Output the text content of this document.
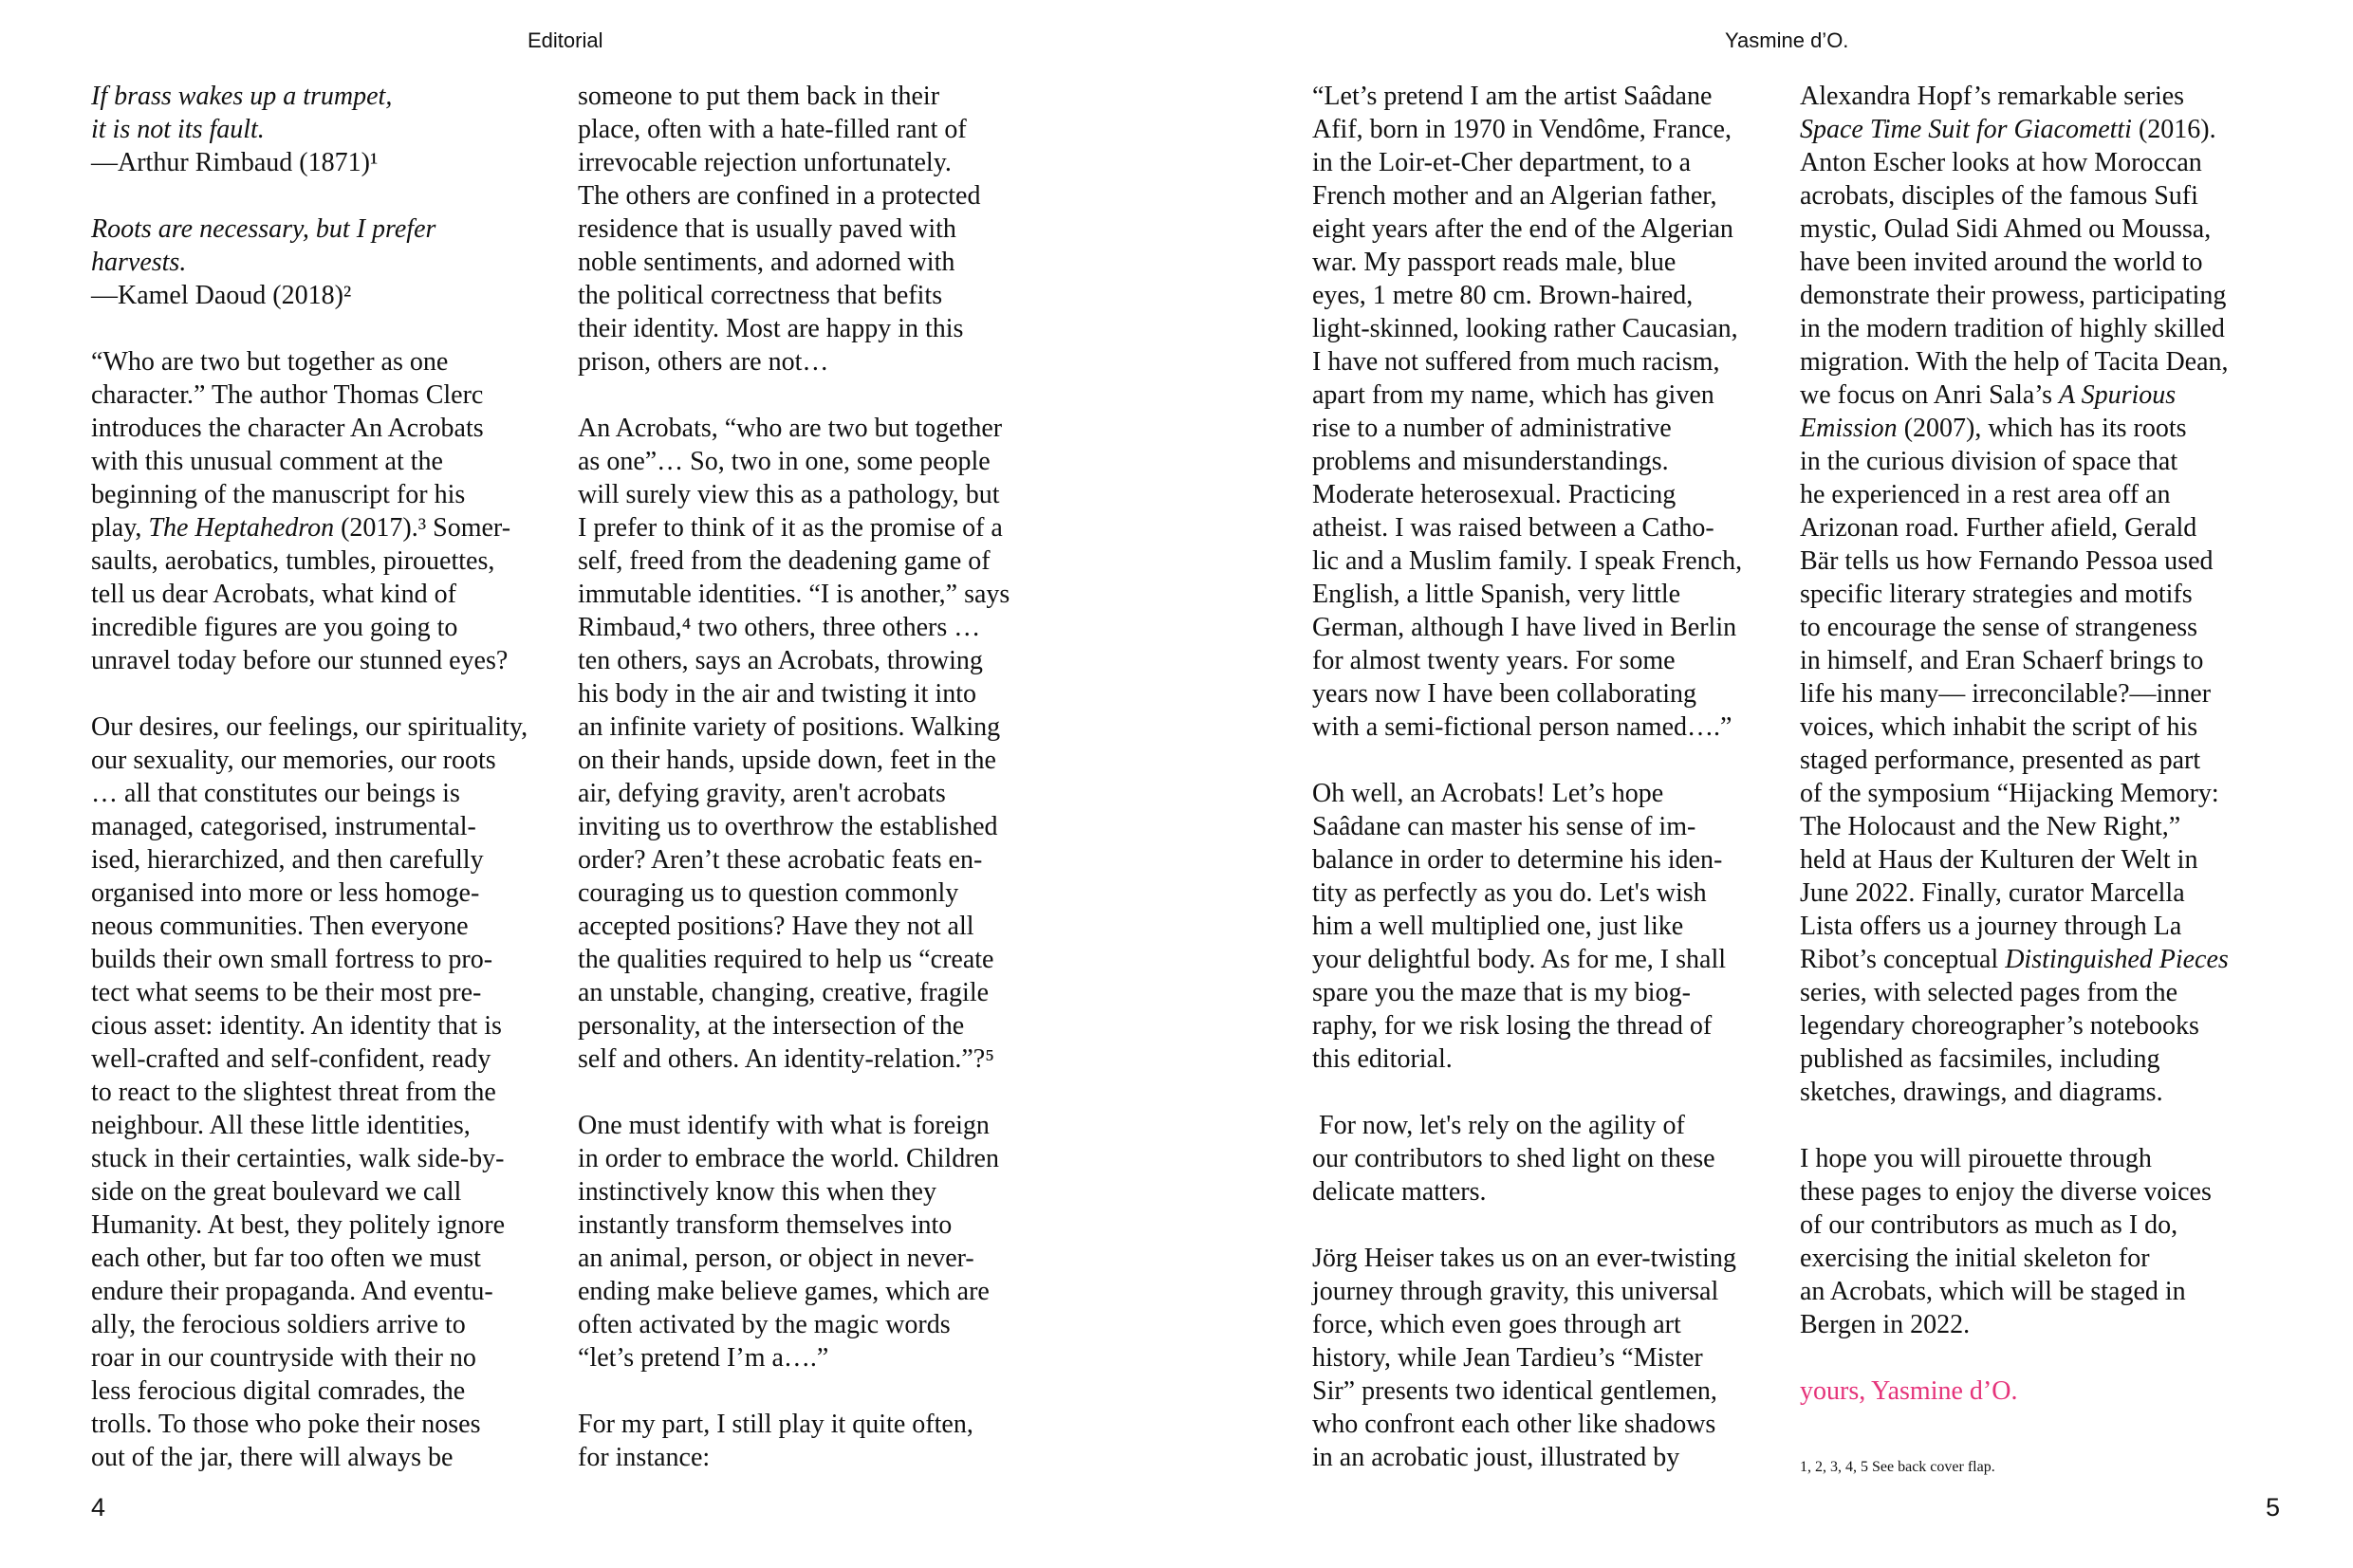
Editorial	Yasmine d’O.

If brass wakes up a trumpet,
it is not its fault.
—Arthur Rimbaud (1871)¹

Roots are necessary, but I prefer
harvests.
—Kamel Daoud (2018)²

“Who are two but together as one
character.” The author Thomas Clerc
introduces the character An Acrobats
with this unusual comment at the
beginning of the manuscript for his
play, The Heptahedron (2017).³ Somer-
saults, aerobatics, tumbles, pirouettes,
tell us dear Acrobats, what kind of
incredible figures are you going to
unravel today before our stunned eyes?

Our desires, our feelings, our spirituality,
our sexuality, our memories, our roots
… all that constitutes our beings is
managed, categorised, instrumental-
ised, hierarchized, and then carefully
organised into more or less homoge-
neous communities. Then everyone
builds their own small fortress to pro-
tect what seems to be their most pre-
cious asset: identity. An identity that is
well-crafted and self-confident, ready
to react to the slightest threat from the
neighbour. All these little identities,
stuck in their certainties, walk side-by-
side on the great boulevard we call
Humanity. At best, they politely ignore
each other, but far too often we must
endure their propaganda. And eventu-
ally, the ferocious soldiers arrive to
roar in our countryside with their no
less ferocious digital comrades, the
trolls. To those who poke their noses
out of the jar, there will always be

someone to put them back in their
place, often with a hate-filled rant of
irrevocable rejection unfortunately.
The others are confined in a protected
residence that is usually paved with
noble sentiments, and adorned with
the political correctness that befits
their identity. Most are happy in this
prison, others are not…

An Acrobats, “who are two but together
as one”… So, two in one, some people
will surely view this as a pathology, but
I prefer to think of it as the promise of a
self, freed from the deadening game of
immutable identities. “I is another,” says
Rimbaud,⁴ two others, three others …
ten others, says an Acrobats, throwing
his body in the air and twisting it into
an infinite variety of positions. Walking
on their hands, upside down, feet in the
air, defying gravity, aren't acrobats
inviting us to overthrow the established
order? Aren’t these acrobatic feats en-
couraging us to question commonly
accepted positions? Have they not all
the qualities required to help us “create
an unstable, changing, creative, fragile
personality, at the intersection of the
self and others. An identity-relation.”?⁵

One must identify with what is foreign
in order to embrace the world. Children
instinctively know this when they
instantly transform themselves into
an animal, person, or object in never-
ending make believe games, which are
often activated by the magic words
“let’s pretend I’m a….”

For my part, I still play it quite often,
for instance:

“Let’s pretend I am the artist Saâdane
Afif, born in 1970 in Vendôme, France,
in the Loir-et-Cher department, to a
French mother and an Algerian father,
eight years after the end of the Algerian
war. My passport reads male, blue
eyes, 1 metre 80 cm. Brown-haired,
light-skinned, looking rather Caucasian,
I have not suffered from much racism,
apart from my name, which has given
rise to a number of administrative
problems and misunderstandings.
Moderate heterosexual. Practicing
atheist. I was raised between a Catho-
lic and a Muslim family. I speak French,
English, a little Spanish, very little
German, although I have lived in Berlin
for almost twenty years. For some
years now I have been collaborating
with a semi-fictional person named….”

Oh well, an Acrobats! Let’s hope
Saâdane can master his sense of im-
balance in order to determine his iden-
tity as perfectly as you do. Let's wish
him a well multiplied one, just like
your delightful body. As for me, I shall
spare you the maze that is my biog-
raphy, for we risk losing the thread of
this editorial.

For now, let's rely on the agility of
our contributors to shed light on these
delicate matters.

Jörg Heiser takes us on an ever-twisting
journey through gravity, this universal
force, which even goes through art
history, while Jean Tardieu’s “Mister
Sir” presents two identical gentlemen,
who confront each other like shadows
in an acrobatic joust, illustrated by

Alexandra Hopf’s remarkable series
Space Time Suit for Giacometti (2016).
Anton Escher looks at how Moroccan
acrobats, disciples of the famous Sufi
mystic, Oulad Sidi Ahmed ou Moussa,
have been invited around the world to
demonstrate their prowess, participating
in the modern tradition of highly skilled
migration. With the help of Tacita Dean,
we focus on Anri Sala’s A Spurious
Emission (2007), which has its roots
in the curious division of space that
he experienced in a rest area off an
Arizonan road. Further afield, Gerald
Bär tells us how Fernando Pessoa used
specific literary strategies and motifs
to encourage the sense of strangeness
in himself, and Eran Schaerf brings to
life his many— irreconcilable?—inner
voices, which inhabit the script of his
staged performance, presented as part
of the symposium “Hijacking Memory:
The Holocaust and the New Right,”
held at Haus der Kulturen der Welt in
June 2022. Finally, curator Marcella
Lista offers us a journey through La
Ribot’s conceptual Distinguished Pieces
series, with selected pages from the
legendary choreographer’s notebooks
published as facsimiles, including
sketches, drawings, and diagrams.

I hope you will pirouette through
these pages to enjoy the diverse voices
of our contributors as much as I do,
exercising the initial skeleton for
an Acrobats, which will be staged in
Bergen in 2022.

yours, Yasmine d’O.

1, 2, 3, 4, 5 See back cover flap.
4	5
